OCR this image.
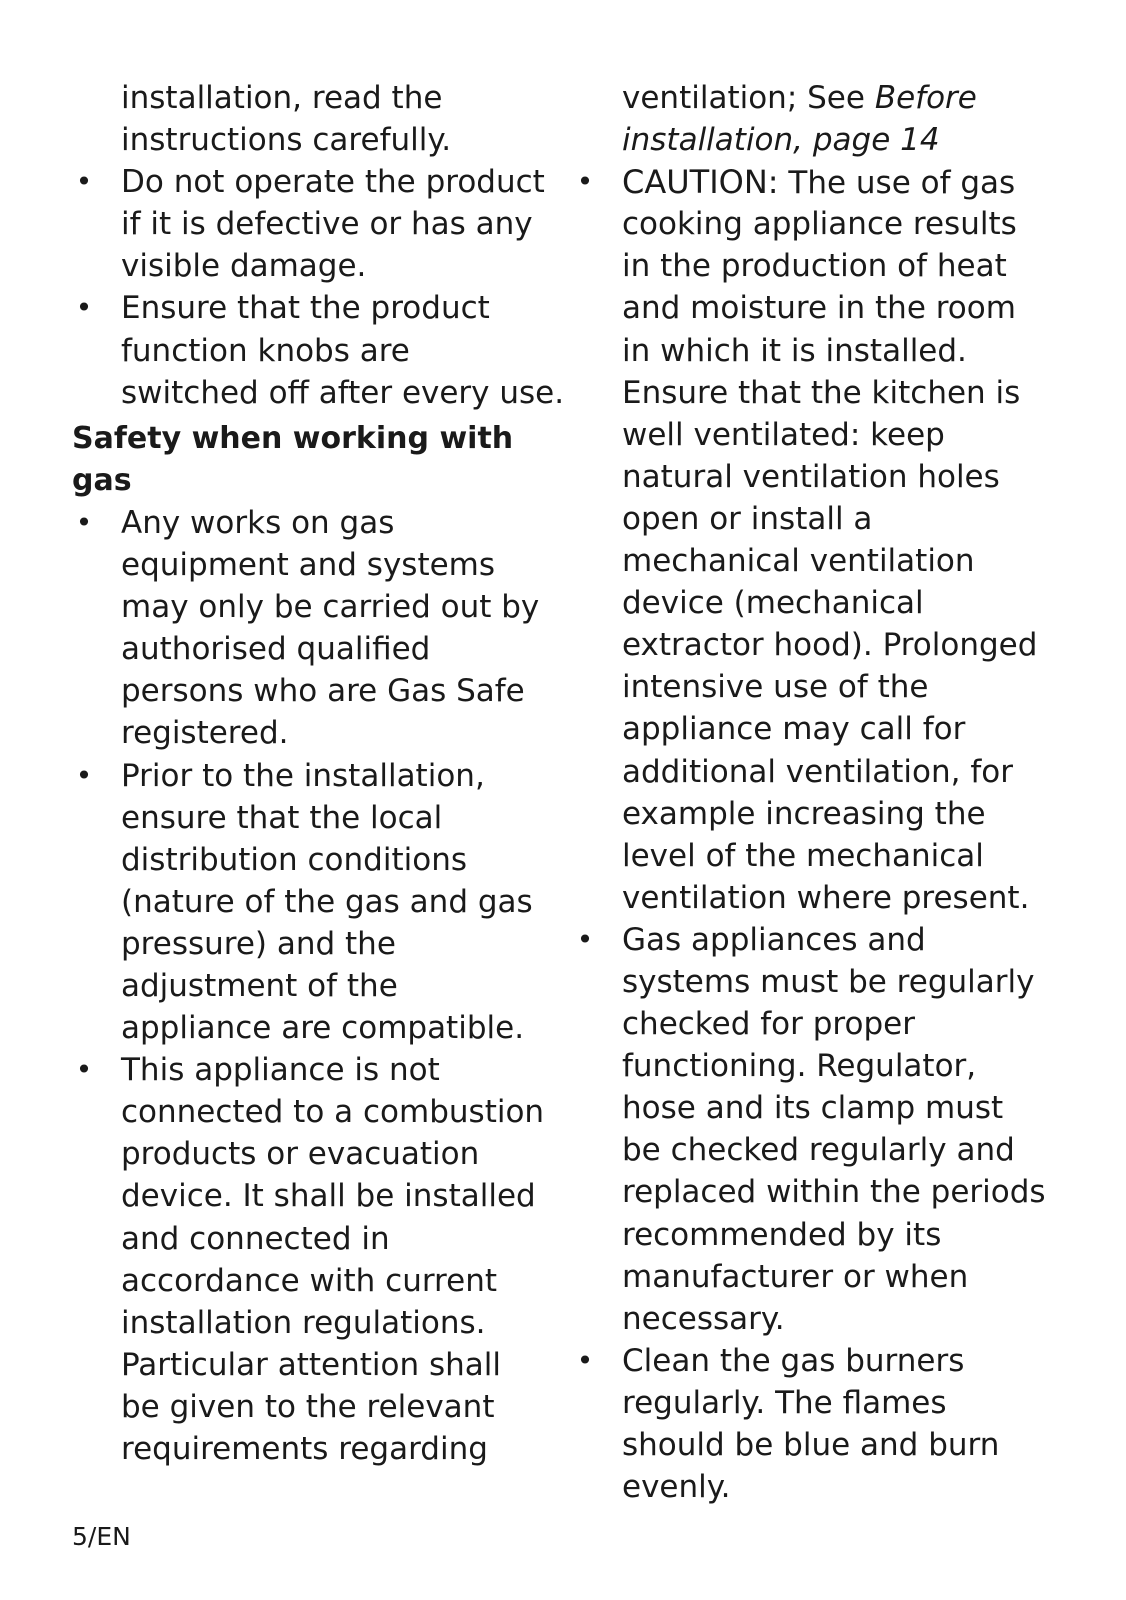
installation, read the
instructions carefully.
• Do not operate the product
if it is defective or has any
visible damage.
• Ensure that the product
function knobs are
switched off after every use.
Safety when working with
gas
• Any works on gas
equipment and systems
may only be carried out by
authorised qualified
persons who are Gas Safe
registered.
• Prior to the installation,
ensure that the local
distribution conditions
(nature of the gas and gas
pressure) and the
adjustment of the
appliance are compatible.
• This appliance is not
connected to a combustion
products or evacuation
device. It shall be installed
and connected in
accordance with current
installation regulations.
Particular attention shall
be given to the relevant
requirements regarding
ventilation; See Before
installation, page 14
• CAUTION: The use of gas
cooking appliance results
in the production of heat
and moisture in the room
in which it is installed.
Ensure that the kitchen is
well ventilated: keep
natural ventilation holes
open or install a
mechanical ventilation
device (mechanical
extractor hood). Prolonged
intensive use of the
appliance may call for
additional ventilation, for
example increasing the
level of the mechanical
ventilation where present.
• Gas appliances and
systems must be regularly
checked for proper
functioning. Regulator,
hose and its clamp must
be checked regularly and
replaced within the periods
recommended by its
manufacturer or when
necessary.
• Clean the gas burners
regularly. The flames
should be blue and burn
evenly.
5/EN
